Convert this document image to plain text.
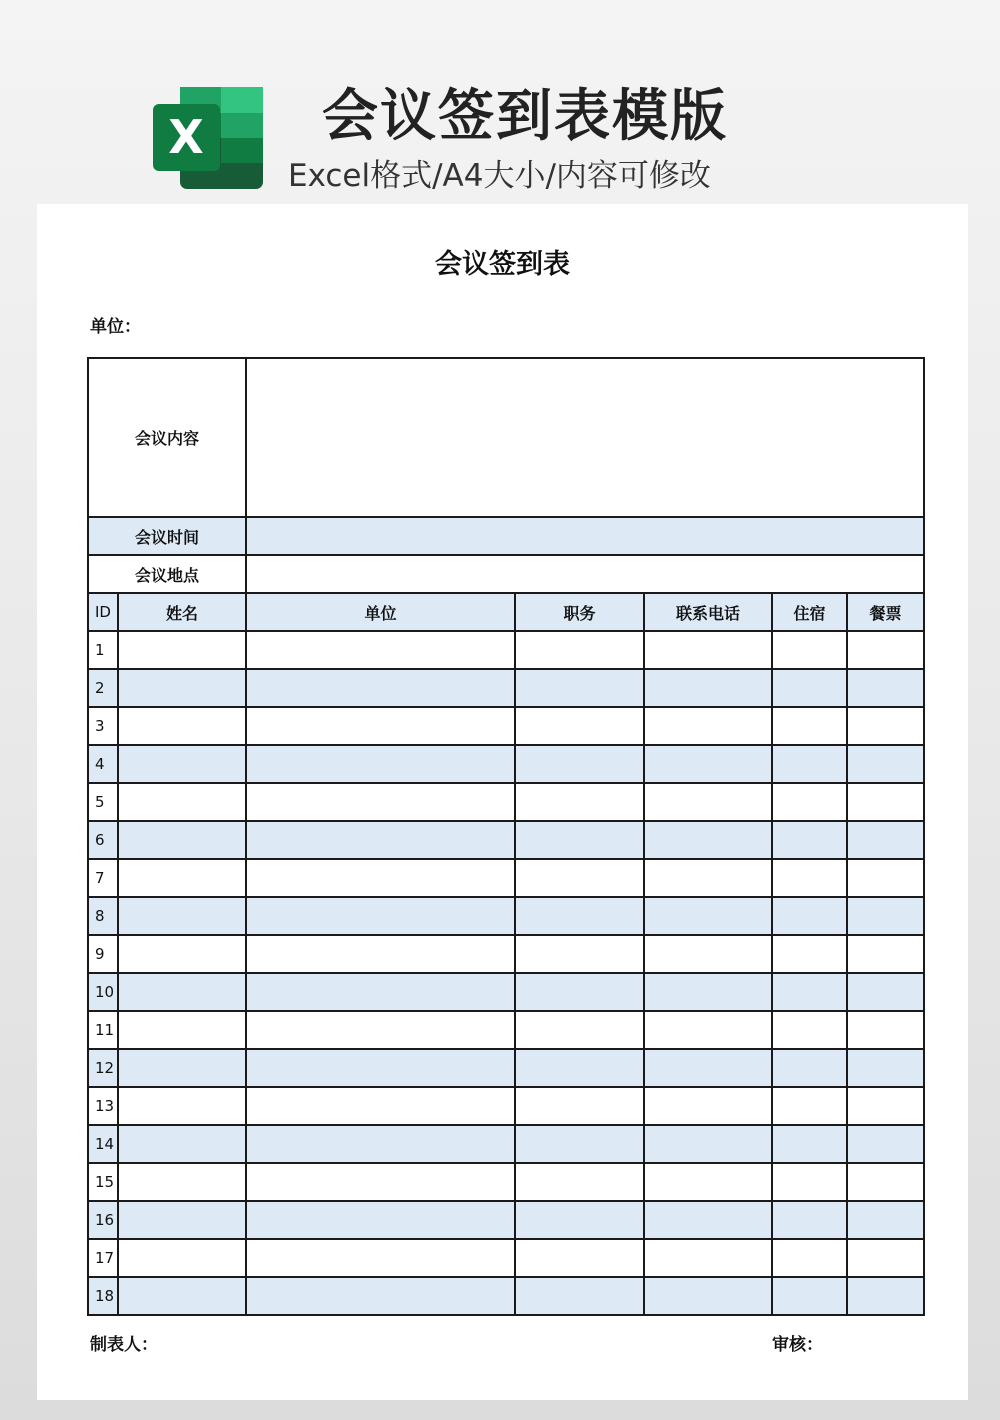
X 会议签到表模版
Excel格式/A4大小/内容可修改
会议签到表
单位：
会议内容						
会议时间						
会议地点						
ID	姓名	单位	职务	联系电话	住宿	餐票
1						
2						
3						
4						
5						
6						
7						
8						
9						
10						
11						
12						
13						
14						
15						
16						
17						
18						
制表人：	审核：
